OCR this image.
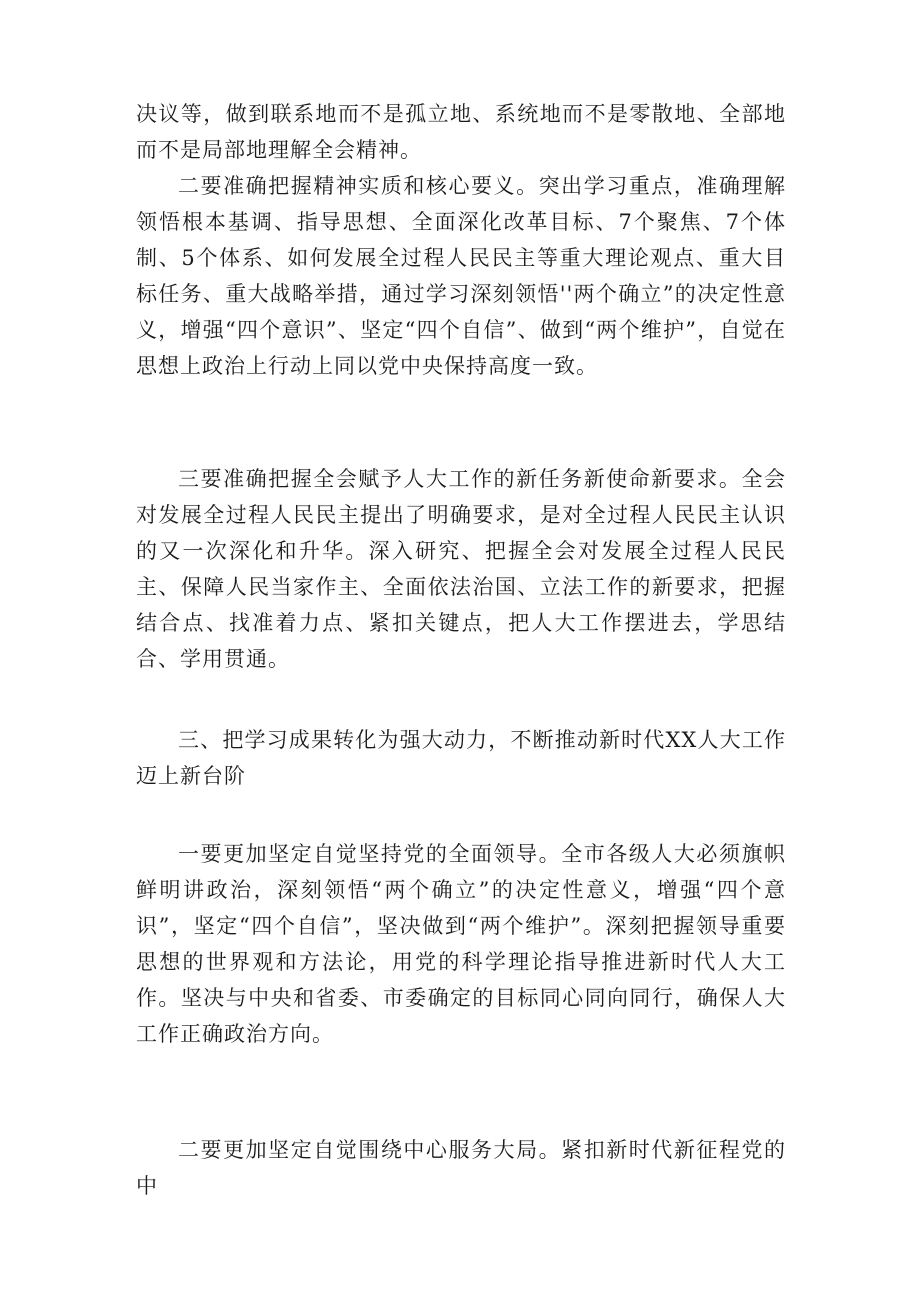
决议等，做到联系地而不是孤立地、系统地而不是零散地、全部地而不是局部地理解全会精神。

二要准确把握精神实质和核心要义。突出学习重点，准确理解领悟根本基调、指导思想、全面深化改革目标、7个聚焦、7个体制、5个体系、如何发展全过程人民民主等重大理论观点、重大目标任务、重大战略举措，通过学习深刻领悟''两个确立”的决定性意义，增强“四个意识”、坚定“四个自信”、做到“两个维护”，自觉在思想上政治上行动上同以党中央保持高度一致。

三要准确把握全会赋予人大工作的新任务新使命新要求。全会对发展全过程人民民主提出了明确要求，是对全过程人民民主认识的又一次深化和升华。深入研究、把握全会对发展全过程人民民主、保障人民当家作主、全面依法治国、立法工作的新要求，把握结合点、找准着力点、紧扣关键点，把人大工作摆进去，学思结合、学用贯通。

三、把学习成果转化为强大动力，不断推动新时代XX人大工作迈上新台阶

一要更加坚定自觉坚持党的全面领导。全市各级人大必须旗帜鲜明讲政治，深刻领悟“两个确立”的决定性意义，增强“四个意识”，坚定“四个自信”，坚决做到“两个维护”。深刻把握领导重要思想的世界观和方法论，用党的科学理论指导推进新时代人大工作。坚决与中央和省委、市委确定的目标同心同向同行，确保人大工作正确政治方向。

二要更加坚定自觉围绕中心服务大局。紧扣新时代新征程党的中
